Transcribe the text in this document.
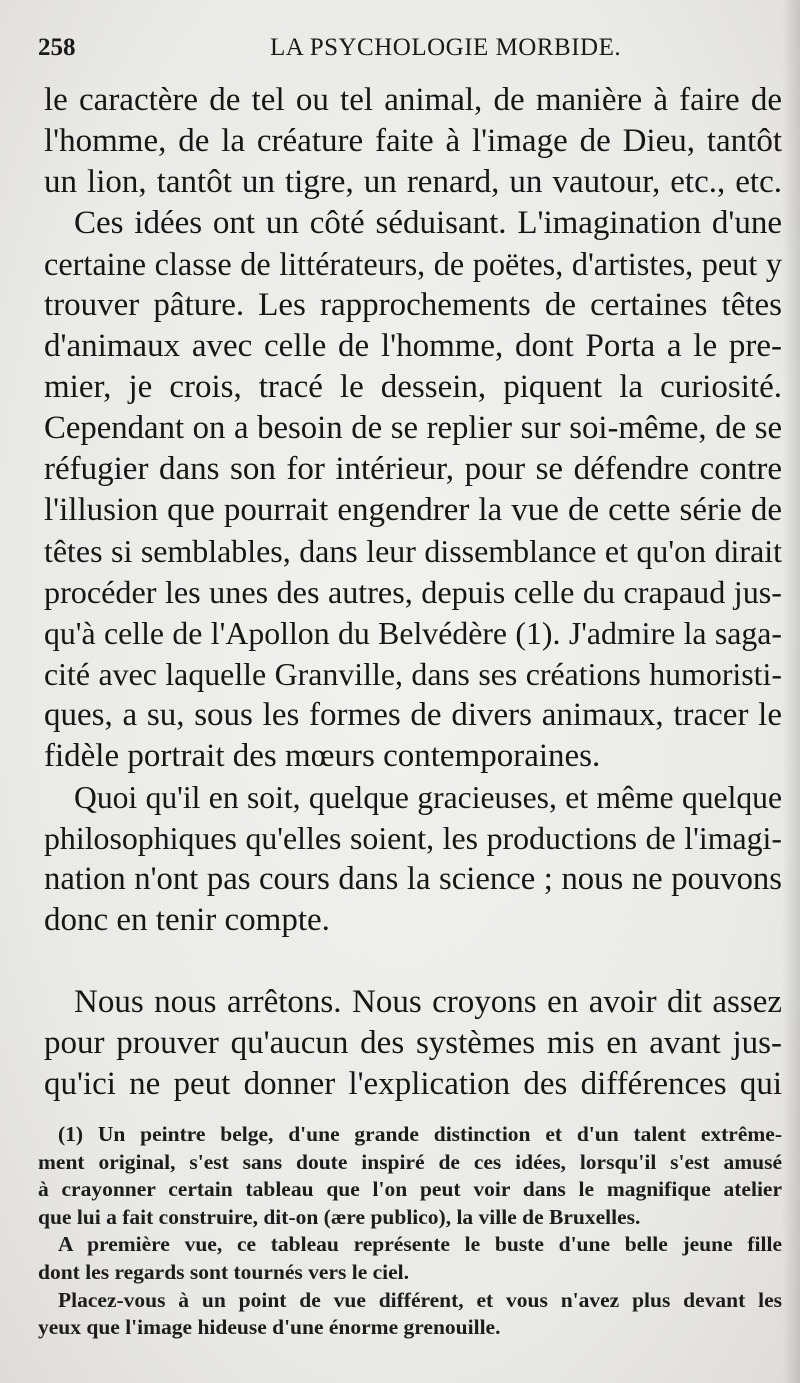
258	LA PSYCHOLOGIE MORBIDE.
le caractère de tel ou tel animal, de manière à faire de
l'homme, de la créature faite à l'image de Dieu, tantôt
un lion, tantôt un tigre, un renard, un vautour, etc., etc.
Ces idées ont un côté séduisant. L'imagination d'une
certaine classe de littérateurs, de poëtes, d'artistes, peut y
trouver pâture. Les rapprochements de certaines têtes
d'animaux avec celle de l'homme, dont Porta a le pre-
mier, je crois, tracé le dessein, piquent la curiosité.
Cependant on a besoin de se replier sur soi-même, de se
réfugier dans son for intérieur, pour se défendre contre
l'illusion que pourrait engendrer la vue de cette série de
têtes si semblables, dans leur dissemblance et qu'on dirait
procéder les unes des autres, depuis celle du crapaud jus-
qu'à celle de l'Apollon du Belvédère (1). J'admire la saga-
cité avec laquelle Granville, dans ses créations humoristi-
ques, a su, sous les formes de divers animaux, tracer le
fidèle portrait des mœurs contemporaines.
Quoi qu'il en soit, quelque gracieuses, et même quelque
philosophiques qu'elles soient, les productions de l'imagi-
nation n'ont pas cours dans la science ; nous ne pouvons
donc en tenir compte.
Nous nous arrêtons. Nous croyons en avoir dit assez
pour prouver qu'aucun des systèmes mis en avant jus-
qu'ici ne peut donner l'explication des différences qui
(1) Un peintre belge, d'une grande distinction et d'un talent extrême-
ment original, s'est sans doute inspiré de ces idées, lorsqu'il s'est amusé
à crayonner certain tableau que l'on peut voir dans le magnifique atelier
que lui a fait construire, dit-on (ære publico), la ville de Bruxelles.
A première vue, ce tableau représente le buste d'une belle jeune fille
dont les regards sont tournés vers le ciel.
Placez-vous à un point de vue différent, et vous n'avez plus devant les
yeux que l'image hideuse d'une énorme grenouille.
